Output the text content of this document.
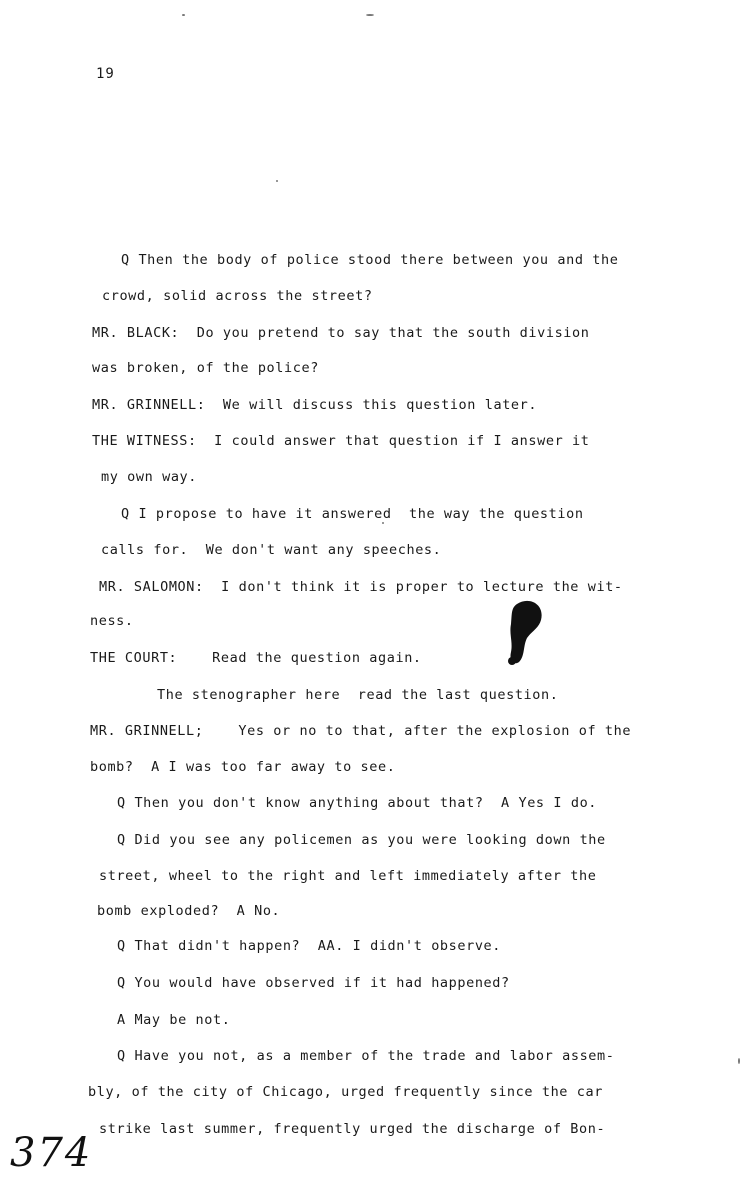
19
Q Then the body of police stood there between you and the
crowd, solid across the street?
MR. BLACK:  Do you pretend to say that the south division
was broken, of the police?
MR. GRINNELL:  We will discuss this question later.
THE WITNESS:  I could answer that question if I answer it
my own way.
Q I propose to have it answered  the way the question
calls for.  We don't want any speeches.
MR. SALOMON:  I don't think it is proper to lecture the wit-
ness.
THE COURT:    Read the question again.
The stenographer here  read the last question.
MR. GRINNELL;    Yes or no to that, after the explosion of the
bomb?  A I was too far away to see.
Q Then you don't know anything about that?  A Yes I do.
Q Did you see any policemen as you were looking down the
street, wheel to the right and left immediately after the
bomb exploded?  A No.
Q That didn't happen?  AA. I didn't observe.
Q You would have observed if it had happened?
A May be not.
Q Have you not, as a member of the trade and labor assem-
bly, of the city of Chicago, urged frequently since the car
strike last summer, frequently urged the discharge of Bon-
374
